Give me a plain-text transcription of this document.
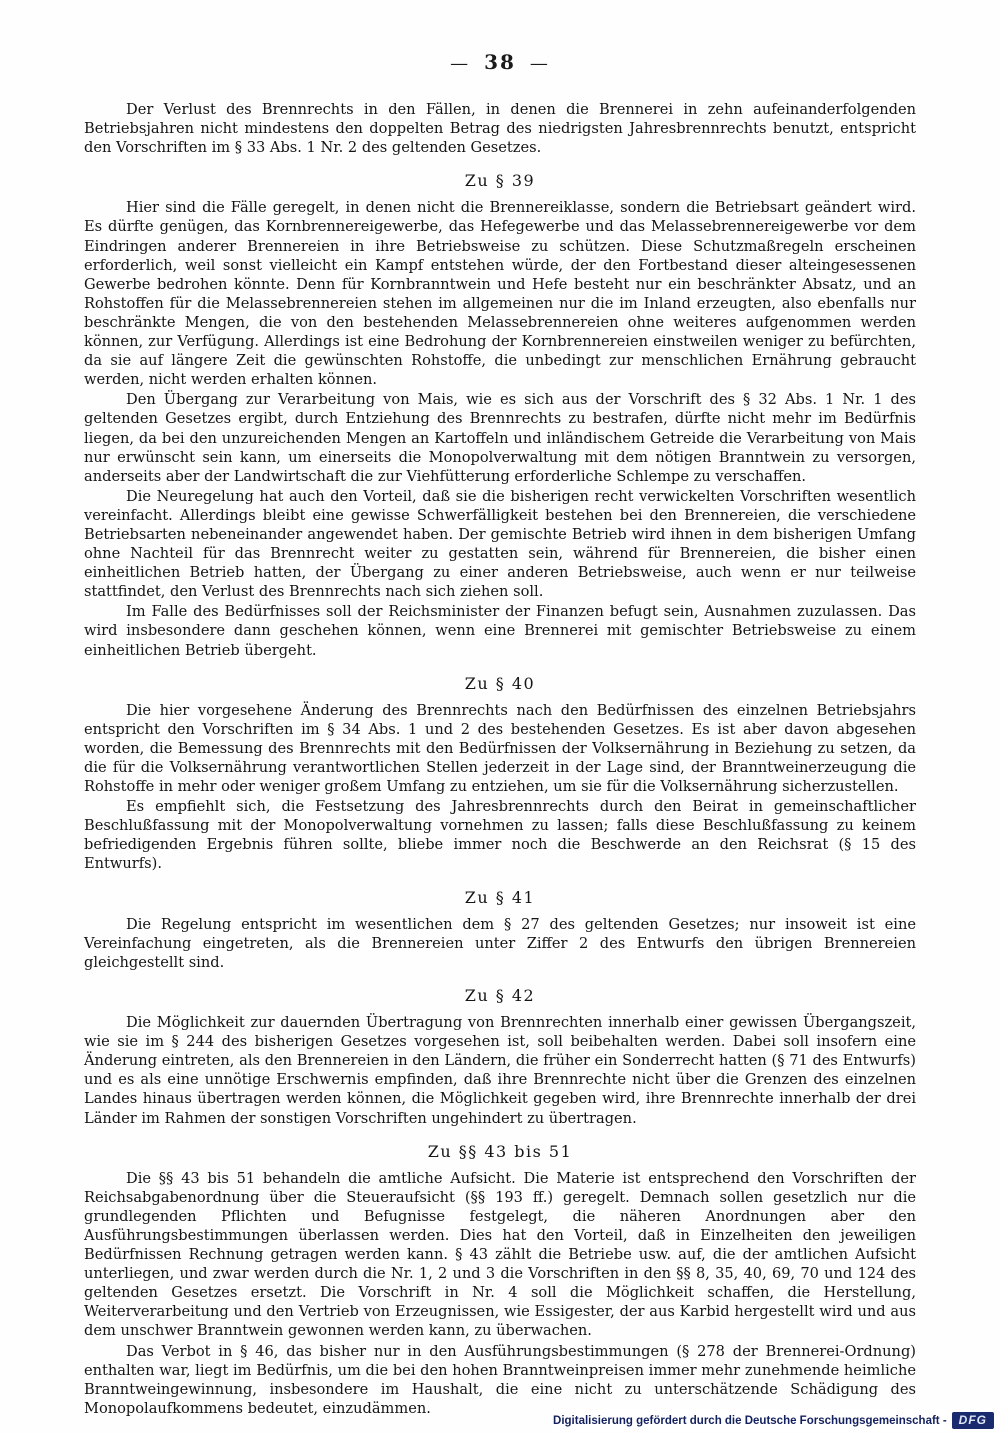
— 38 —

Der Verlust des Brennrechts in den Fällen, in denen die Brennerei in zehn aufeinanderfolgenden Betriebsjahren nicht mindestens den doppelten Betrag des niedrigsten Jahresbrennrechts benutzt, entspricht den Vorschriften im § 33 Abs. 1 Nr. 2 des geltenden Gesetzes.

Zu § 39

Hier sind die Fälle geregelt, in denen nicht die Brennereiklasse, sondern die Betriebsart geändert wird. Es dürfte genügen, das Kornbrennereigewerbe, das Hefegewerbe und das Melassebrennereigewerbe vor dem Eindringen anderer Brennereien in ihre Betriebsweise zu schützen. Diese Schutzmaßregeln erscheinen erforderlich, weil sonst vielleicht ein Kampf entstehen würde, der den Fortbestand dieser alteingesessenen Gewerbe bedrohen könnte. Denn für Kornbranntwein und Hefe besteht nur ein beschränkter Absatz, und an Rohstoffen für die Melassebrennereien stehen im allgemeinen nur die im Inland erzeugten, also ebenfalls nur beschränkte Mengen, die von den bestehenden Melassebrennereien ohne weiteres aufgenommen werden können, zur Verfügung. Allerdings ist eine Bedrohung der Kornbrennereien einstweilen weniger zu befürchten, da sie auf längere Zeit die gewünschten Rohstoffe, die unbedingt zur menschlichen Ernährung gebraucht werden, nicht werden erhalten können.

Den Übergang zur Verarbeitung von Mais, wie es sich aus der Vorschrift des § 32 Abs. 1 Nr. 1 des geltenden Gesetzes ergibt, durch Entziehung des Brennrechts zu bestrafen, dürfte nicht mehr im Bedürfnis liegen, da bei den unzureichenden Mengen an Kartoffeln und inländischem Getreide die Verarbeitung von Mais nur erwünscht sein kann, um einerseits die Monopolverwaltung mit dem nötigen Branntwein zu versorgen, anderseits aber der Landwirtschaft die zur Viehfütterung erforderliche Schlempe zu verschaffen.

Die Neuregelung hat auch den Vorteil, daß sie die bisherigen recht verwickelten Vorschriften wesentlich vereinfacht. Allerdings bleibt eine gewisse Schwerfälligkeit bestehen bei den Brennereien, die verschiedene Betriebsarten nebeneinander angewendet haben. Der gemischte Betrieb wird ihnen in dem bisherigen Umfang ohne Nachteil für das Brennrecht weiter zu gestatten sein, während für Brennereien, die bisher einen einheitlichen Betrieb hatten, der Übergang zu einer anderen Betriebsweise, auch wenn er nur teilweise stattfindet, den Verlust des Brennrechts nach sich ziehen soll.

Im Falle des Bedürfnisses soll der Reichsminister der Finanzen befugt sein, Ausnahmen zuzulassen. Das wird insbesondere dann geschehen können, wenn eine Brennerei mit gemischter Betriebsweise zu einem einheitlichen Betrieb übergeht.

Zu § 40

Die hier vorgesehene Änderung des Brennrechts nach den Bedürfnissen des einzelnen Betriebsjahrs entspricht den Vorschriften im § 34 Abs. 1 und 2 des bestehenden Gesetzes. Es ist aber davon abgesehen worden, die Bemessung des Brennrechts mit den Bedürfnissen der Volksernährung in Beziehung zu setzen, da die für die Volksernährung verantwortlichen Stellen jederzeit in der Lage sind, der Branntweinerzeugung die Rohstoffe in mehr oder weniger großem Umfang zu entziehen, um sie für die Volksernährung sicherzustellen.

Es empfiehlt sich, die Festsetzung des Jahresbrennrechts durch den Beirat in gemeinschaftlicher Beschlußfassung mit der Monopolverwaltung vornehmen zu lassen; falls diese Beschlußfassung zu keinem befriedigenden Ergebnis führen sollte, bliebe immer noch die Beschwerde an den Reichsrat (§ 15 des Entwurfs).

Zu § 41

Die Regelung entspricht im wesentlichen dem § 27 des geltenden Gesetzes; nur insoweit ist eine Vereinfachung eingetreten, als die Brennereien unter Ziffer 2 des Entwurfs den übrigen Brennereien gleichgestellt sind.

Zu § 42

Die Möglichkeit zur dauernden Übertragung von Brennrechten innerhalb einer gewissen Übergangszeit, wie sie im § 244 des bisherigen Gesetzes vorgesehen ist, soll beibehalten werden. Dabei soll insofern eine Änderung eintreten, als den Brennereien in den Ländern, die früher ein Sonderrecht hatten (§ 71 des Entwurfs) und es als eine unnötige Erschwernis empfinden, daß ihre Brennrechte nicht über die Grenzen des einzelnen Landes hinaus übertragen werden können, die Möglichkeit gegeben wird, ihre Brennrechte innerhalb der drei Länder im Rahmen der sonstigen Vorschriften ungehindert zu übertragen.

Zu §§ 43 bis 51

Die §§ 43 bis 51 behandeln die amtliche Aufsicht. Die Materie ist entsprechend den Vorschriften der Reichsabgabenordnung über die Steueraufsicht (§§ 193 ff.) geregelt. Demnach sollen gesetzlich nur die grundlegenden Pflichten und Befugnisse festgelegt, die näheren Anordnungen aber den Ausführungsbestimmungen überlassen werden. Dies hat den Vorteil, daß in Einzelheiten den jeweiligen Bedürfnissen Rechnung getragen werden kann. § 43 zählt die Betriebe usw. auf, die der amtlichen Aufsicht unterliegen, und zwar werden durch die Nr. 1, 2 und 3 die Vorschriften in den §§ 8, 35, 40, 69, 70 und 124 des geltenden Gesetzes ersetzt. Die Vorschrift in Nr. 4 soll die Möglichkeit schaffen, die Herstellung, Weiterverarbeitung und den Vertrieb von Erzeugnissen, wie Essigester, der aus Karbid hergestellt wird und aus dem unschwer Branntwein gewonnen werden kann, zu überwachen.

Das Verbot in § 46, das bisher nur in den Ausführungsbestimmungen (§ 278 der Brennerei-Ordnung) enthalten war, liegt im Bedürfnis, um die bei den hohen Branntweinpreisen immer mehr zunehmende heimliche Branntweingewinnung, insbesondere im Haushalt, die eine nicht zu unterschätzende Schädigung des Monopolaufkommens bedeutet, einzudämmen.

Digitalisierung gefördert durch die Deutsche Forschungsgemeinschaft -	DFG
